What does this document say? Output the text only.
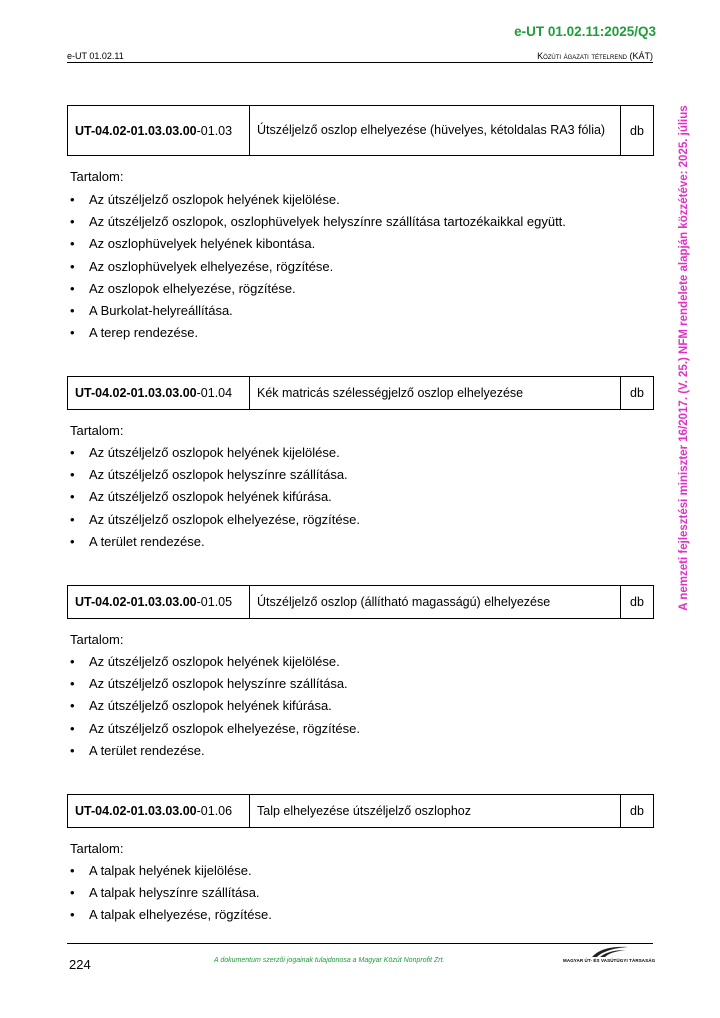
e-UT 01.02.11:2025/Q3
e-UT 01.02.11	Közúti ágazati tételrend (KÁT)
A nemzeti fejlesztési miniszter 16/2017. (V. 25.) NFM rendelete alapján közzétéve: 2025. július
UT-04.02-01.03.03.00-01.03	Útszéljelző oszlop elhelyezése (hüvelyes, kétoldalas RA3 fólia)	db
Tartalom:
• Az útszéljelző oszlopok helyének kijelölése.
• Az útszéljelző oszlopok, oszlophüvelyek helyszínre szállítása tartozékaikkal együtt.
• Az oszlophüvelyek helyének kibontása.
• Az oszlophüvelyek elhelyezése, rögzítése.
• Az oszlopok elhelyezése, rögzítése.
• A Burkolat-helyreállítása.
• A terep rendezése.
UT-04.02-01.03.03.00-01.04	Kék matricás szélességjelző oszlop elhelyezése	db
Tartalom:
• Az útszéljelző oszlopok helyének kijelölése.
• Az útszéljelző oszlopok helyszínre szállítása.
• Az útszéljelző oszlopok helyének kifúrása.
• Az útszéljelző oszlopok elhelyezése, rögzítése.
• A terület rendezése.
UT-04.02-01.03.03.00-01.05	Útszéljelző oszlop (állítható magasságú) elhelyezése	db
Tartalom:
• Az útszéljelző oszlopok helyének kijelölése.
• Az útszéljelző oszlopok helyszínre szállítása.
• Az útszéljelző oszlopok helyének kifúrása.
• Az útszéljelző oszlopok elhelyezése, rögzítése.
• A terület rendezése.
UT-04.02-01.03.03.00-01.06	Talp elhelyezése útszéljelző oszlophoz	db
Tartalom:
• A talpak helyének kijelölése.
• A talpak helyszínre szállítása.
• A talpak elhelyezése, rögzítése.
224	A dokumentum szerzői jogainak tulajdonosa a Magyar Közút Nonprofit Zrt.	MAGYAR ÚT- ÉS VASÚTÜGYI TÁRSASÁG
